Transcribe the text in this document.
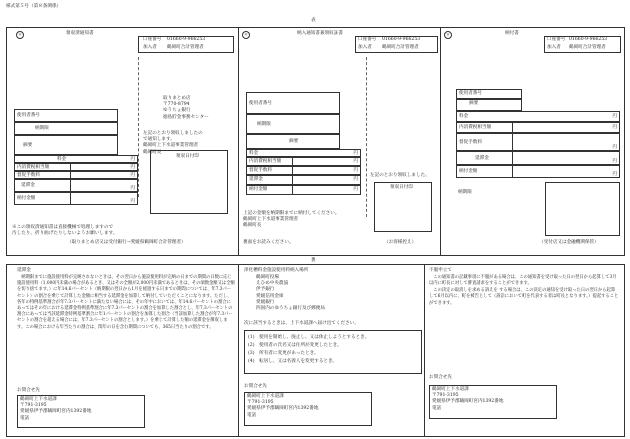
様式第５号（第８条関係）
表
〒	領収済通知書
口座番号 01660-9-966253
加入者 鶴岡町合計管理者
使用者番号
納期限
摘要
料金	円
内消費税相当額	円
督促手数料	円
延滞金
円
納付金額
円
取りまとめ店
〒770-8794
ゆうちょ銀行
徳島貯金事務センター
左記のとおり領収しましたの
で通知します。
鶴岡町上下水道事業管理者
鶴岡町長
領収日付印
※この領収済通知書は直接機械で処理しますので
汚したり、折り曲げたりしないようお願いします。
（取りまとめ店又は受付銀行→愛媛県鶴岡町合計管理者）
〒	納入通知書兼領収証書
口座番号 01660-9-966253
加入者 鶴岡町合計管理者
使用者番号
納期限
摘要
料金	円
内消費税相当額	円
督促手数料	円
延滞金	円
納付金額	円
左記のとおり領収しました。
領収日付印
上記の金額を納期限までに納付してください。
鶴岡町上下水道事業管理者
鶴岡町長
裏面をお読みください。	（お客様控え）
〒	納付書
口座番号 01660-9-966253
加入者 鶴岡町合計管理者
使用者番号
摘要
料金	円
内消費税相当額	円
督促手数料
円
延滞金
円
納付金額
円
納期限
（受付店又は金融機関保管）
裏
延滞金
　納期限までに施設使用料が完納されないときは、その翌日から施設使用料が完納の日までの期間の日数に応じ施設使用料（1,000円未満の場合があるとき、又はその全額が2,000円未満であるときは、その端数金額又は全額を切り捨てます。）に年14.6パーセント（納期限の翌日から1月を経過する日までの期間については、年7.3パーセント）の割合を乗じて計算した金額に相当する延滞金を加算して納付していただくことになります。ただし、各年の特例基準割合が年7.3パーセントに満たない場合には、その年中においては、年14.6パーセントの割合にあってはその年における延滞金特例基準割合に年7.3パーセントの割合を加算した割合とし、年7.3パーセントの割合にあっては当該延滞金特例基準割合に年1パーセントの割合を加算した割合（当該加算した割合が年7.3パーセントの割合を超える場合には、年7.3パーセントの割合とします。）を乗じて計算した額の延滞金を徴収します。この場合における年当たりの割合は、閏年の日を含む期間についても、365日当たりの割合です。
お問合せ先
鶴岡町上下水道課
〒791-3195
愛媛県伊予郡鶴岡町宮内1392番地
電話
浄化槽料金施設使用料納入場所
鶴岡町役場
えひめ中央農協
伊予銀行
愛媛信用金庫
愛媛銀行
四国内のゆうちょ銀行及び郵便局
次に該当するときは、上下水道課へ届け出てください。
(1)　使用を開始し、廃止し、又は休止しようとするとき。
(2)　使用者の氏名又は住所が変更したとき。
(3)　所有者に変更があったとき。
(4)　転居し、又は名義人を変更するとき。
お問合せ先
鶴岡町上下水道課
〒791-3195
愛媛県伊予郡鶴岡町宮内1392番地
電話
不服申立て
　この通知書の記載事項に不服がある場合は、この通知書を受け取った日の翌日から起算して3月以内に町長に対して審査請求をすることができます。
　この決定の取消しを求める訴えを する場合は、この決定の通知を受け取った日の翌日から起算して6月以内に、町を被告として（訴訟において町を代表する者は町長となります。）提起することができます。
お問合せ先
鶴岡町上下水道課
〒791-3195
愛媛県伊予郡鶴岡町宮内1392番地
電話
